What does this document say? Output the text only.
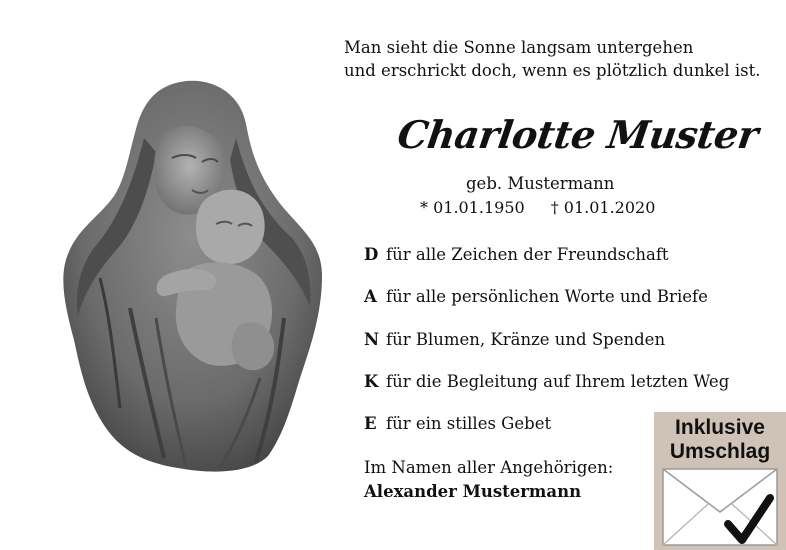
Man sieht die Sonne langsam untergehen
und erschrickt doch, wenn es plötzlich dunkel ist.
Charlotte Muster
geb. Mustermann
* 01.01.1950 † 01.01.2020
D für alle Zeichen der Freundschaft
A für alle persönlichen Worte und Briefe
N für Blumen, Kränze und Spenden
K für die Begleitung auf Ihrem letzten Weg
E für ein stilles Gebet
Im Namen aller Angehörigen:
Alexander Mustermann
Inklusive
Umschlag
